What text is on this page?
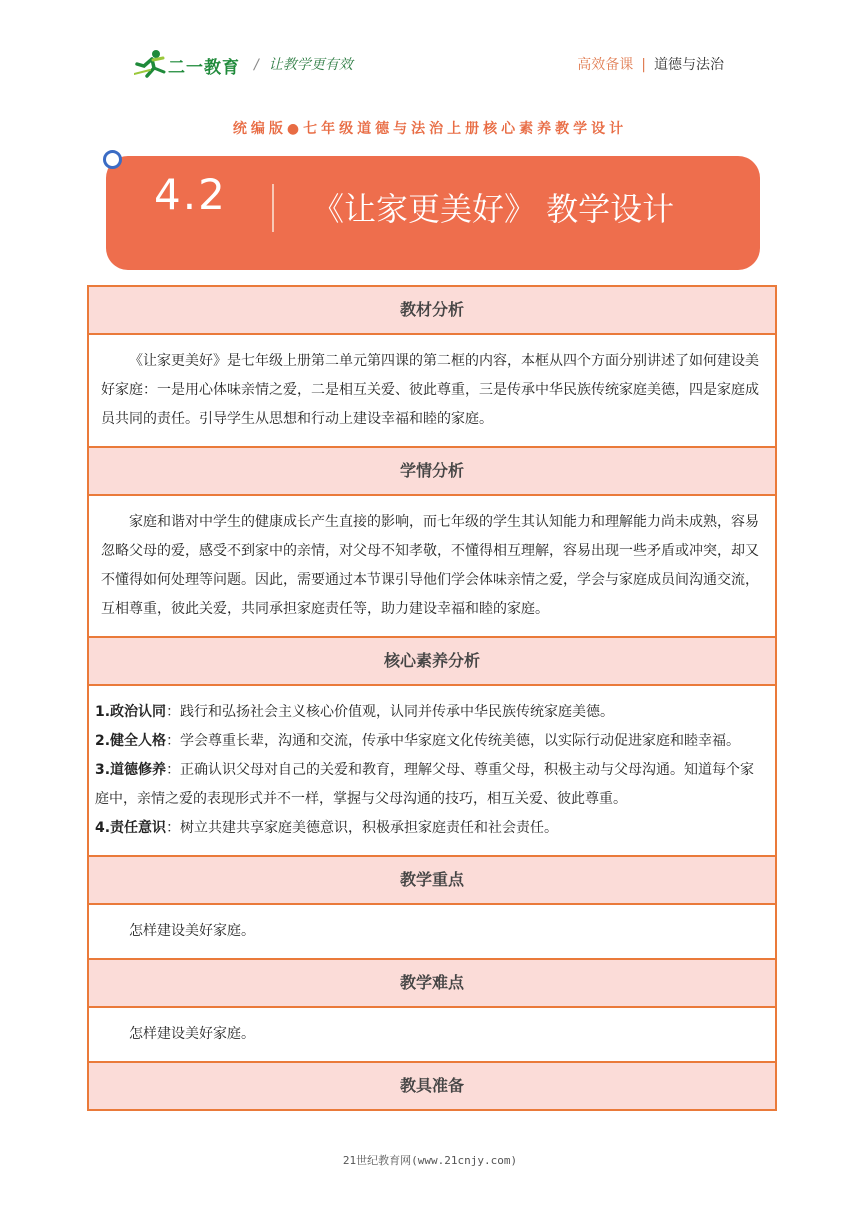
二一教育 / 让教学更有效	高效备课 | 道德与法治
统编版●七年级道德与法治上册核心素养教学设计
4.2	《让家更美好》 教学设计
教材分析

《让家更美好》是七年级上册第二单元第四课的第二框的内容，本框从四个方面分别讲述了如何建设美好家庭：一是用心体味亲情之爱，二是相互关爱、彼此尊重，三是传承中华民族传统家庭美德，四是家庭成员共同的责任。引导学生从思想和行动上建设幸福和睦的家庭。

学情分析

家庭和谐对中学生的健康成长产生直接的影响，而七年级的学生其认知能力和理解能力尚未成熟，容易忽略父母的爱，感受不到家中的亲情，对父母不知孝敬，不懂得相互理解，容易出现一些矛盾或冲突，却又不懂得如何处理等问题。因此，需要通过本节课引导他们学会体味亲情之爱，学会与家庭成员间沟通交流，互相尊重，彼此关爱，共同承担家庭责任等，助力建设幸福和睦的家庭。

核心素养分析

1.政治认同：践行和弘扬社会主义核心价值观，认同并传承中华民族传统家庭美德。

2.健全人格：学会尊重长辈，沟通和交流，传承中华家庭文化传统美德，以实际行动促进家庭和睦幸福。

3.道德修养：正确认识父母对自己的关爱和教育，理解父母、尊重父母，积极主动与父母沟通。知道每个家庭中，亲情之爱的表现形式并不一样，掌握与父母沟通的技巧，相互关爱、彼此尊重。

4.责任意识：树立共建共享家庭美德意识，积极承担家庭责任和社会责任。

教学重点

怎样建设美好家庭。

教学难点

怎样建设美好家庭。

教具准备
21世纪教育网(www.21cnjy.com)
